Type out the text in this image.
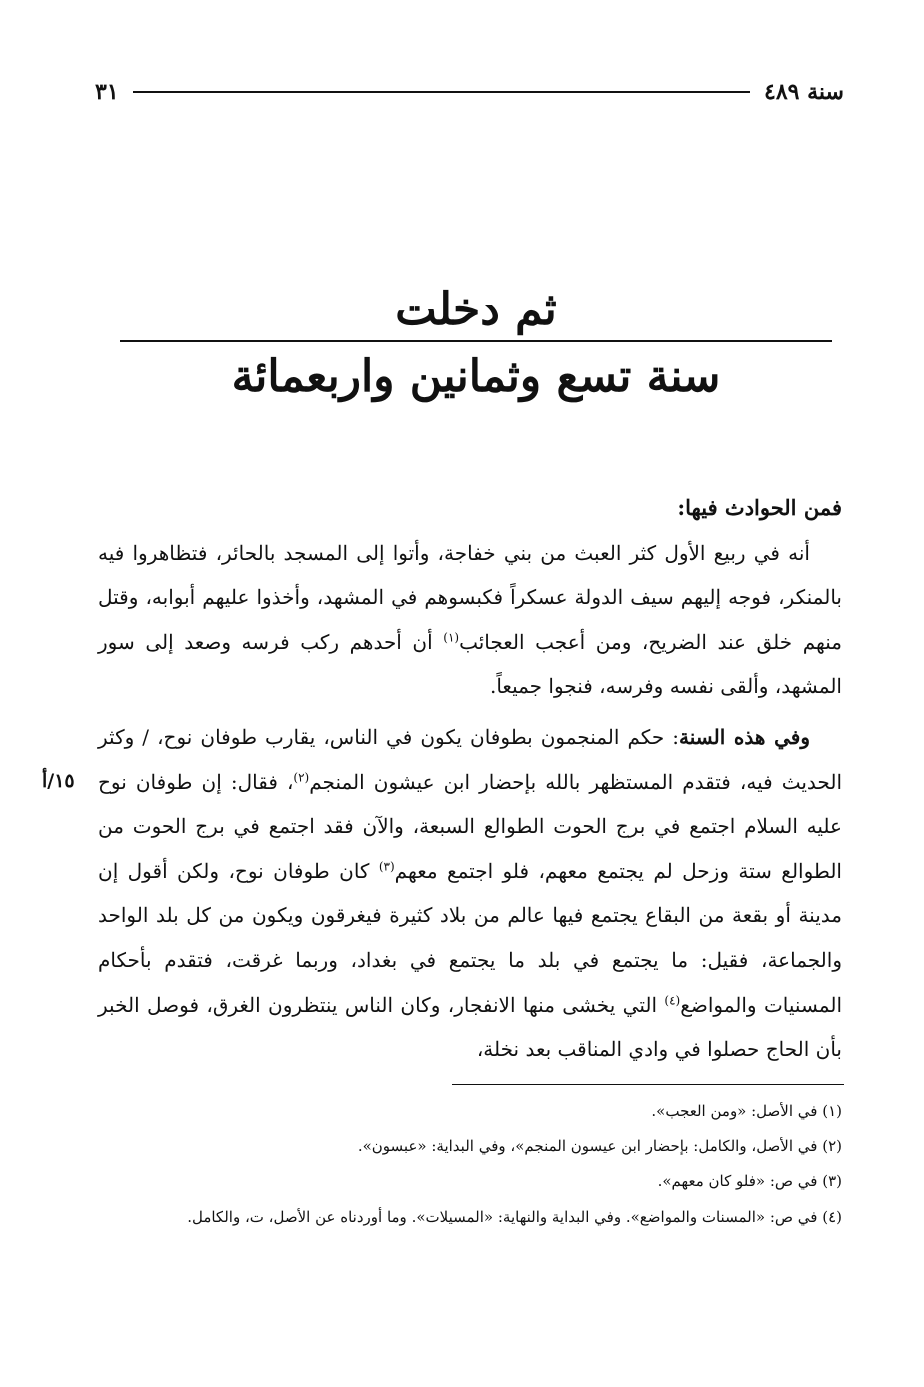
سنة ٤٨٩
٣١
ثم دخلت
سنة تسع وثمانين واربعمائة

فمن الحوادث فيها:

أنه في ربيع الأول كثر العبث من بني خفاجة، وأتوا إلى المسجد بالحائر، فتظاهروا فيه بالمنكر، فوجه إليهم سيف الدولة عسكراً فكبسوهم في المشهد، وأخذوا عليهم أبوابه، وقتل منهم خلق عند الضريح، ومن أعجب العجائب$^{(١)}$ أن أحدهم ركب فرسه وصعد إلى سور المشهد، وألقى نفسه وفرسه، فنجوا جميعاً.

وفي هذه السنة: حكم المنجمون بطوفان يكون في الناس، يقارب طوفان نوح، / وكثر الحديث فيه، فتقدم المستظهر بالله بإحضار ابن عيشون المنجم$^{(٢)}$، فقال: إن طوفان نوح عليه السلام اجتمع في برج الحوت الطوالع السبعة، والآن فقد اجتمع في برج الحوت من الطوالع ستة وزحل لم يجتمع معهم، فلو اجتمع معهم$^{(٣)}$ كان طوفان نوح، ولكن أقول إن مدينة أو بقعة من البقاع يجتمع فيها عالم من بلاد كثيرة فيغرقون ويكون من كل بلد الواحد والجماعة، فقيل: ما يجتمع في بلد ما يجتمع في بغداد، وربما غرقت، فتقدم بأحكام المسنيات والمواضع$^{(٤)}$ التي يخشى منها الانفجار، وكان الناس ينتظرون الغرق، فوصل الخبر بأن الحاج حصلوا في وادي المناقب بعد نخلة،

١٥/أ

(١) في الأصل: «ومن العجب».

(٢) في الأصل، والكامل: بإحضار ابن عيسون المنجم»، وفي البداية: «عبسون».

(٣) في ص: «فلو كان معهم».

(٤) في ص: «المسنات والمواضع». وفي البداية والنهاية: «المسيلات». وما أوردناه عن الأصل، ت، والكامل.
